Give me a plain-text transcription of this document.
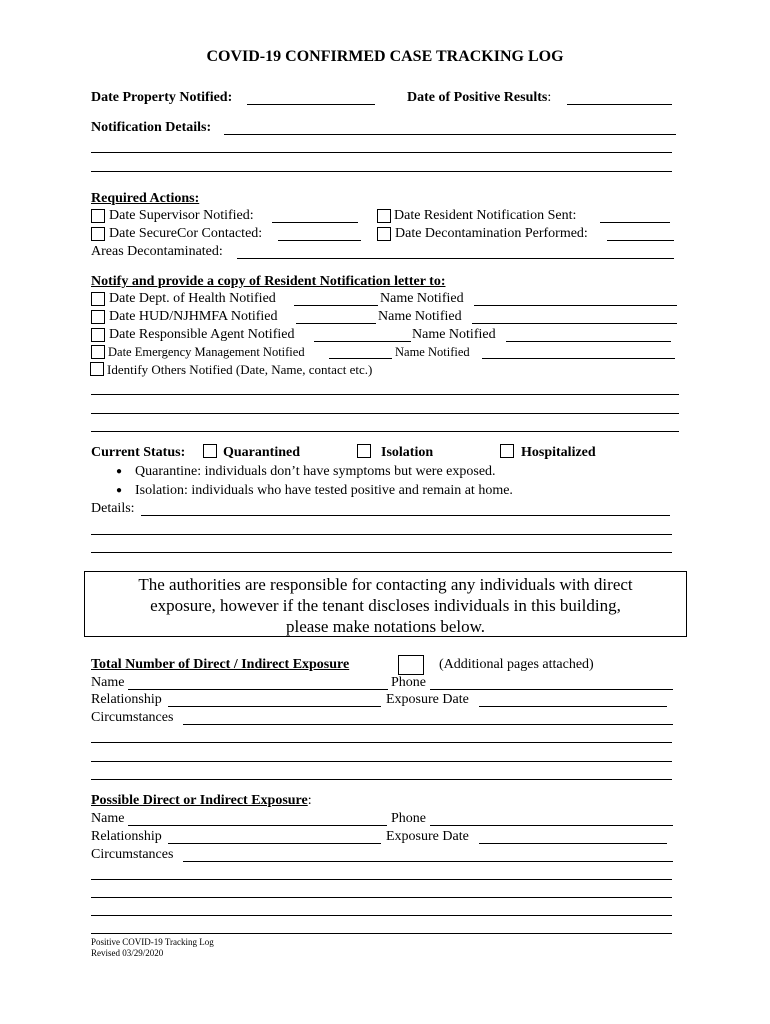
COVID-19 CONFIRMED CASE TRACKING LOG
Date Property Notified:	Date of Positive Results:
Notification Details:
Required Actions:
Date Supervisor Notified:	Date Resident Notification Sent:
Date SecureCor Contacted:	Date Decontamination Performed:
Areas Decontaminated:
Notify and provide a copy of Resident Notification letter to:
Date Dept. of Health Notified	Name Notified
Date HUD/NJHMFA Notified	Name Notified
Date Responsible Agent Notified	Name Notified
Date Emergency Management Notified	Name Notified
Identify Others Notified (Date, Name, contact etc.)
Current Status:	Quarantined	Isolation	Hospitalized
● Quarantine: individuals don’t have symptoms but were exposed.
● Isolation: individuals who have tested positive and remain at home.
Details:
The authorities are responsible for contacting any individuals with direct
exposure, however if the tenant discloses individuals in this building,
please make notations below.
Total Number of Direct / Indirect Exposure	(Additional pages attached)
Name	Phone
Relationship	Exposure Date
Circumstances
Possible Direct or Indirect Exposure:
Name	Phone
Relationship	Exposure Date
Circumstances
Positive COVID-19 Tracking Log
Revised 03/29/2020
